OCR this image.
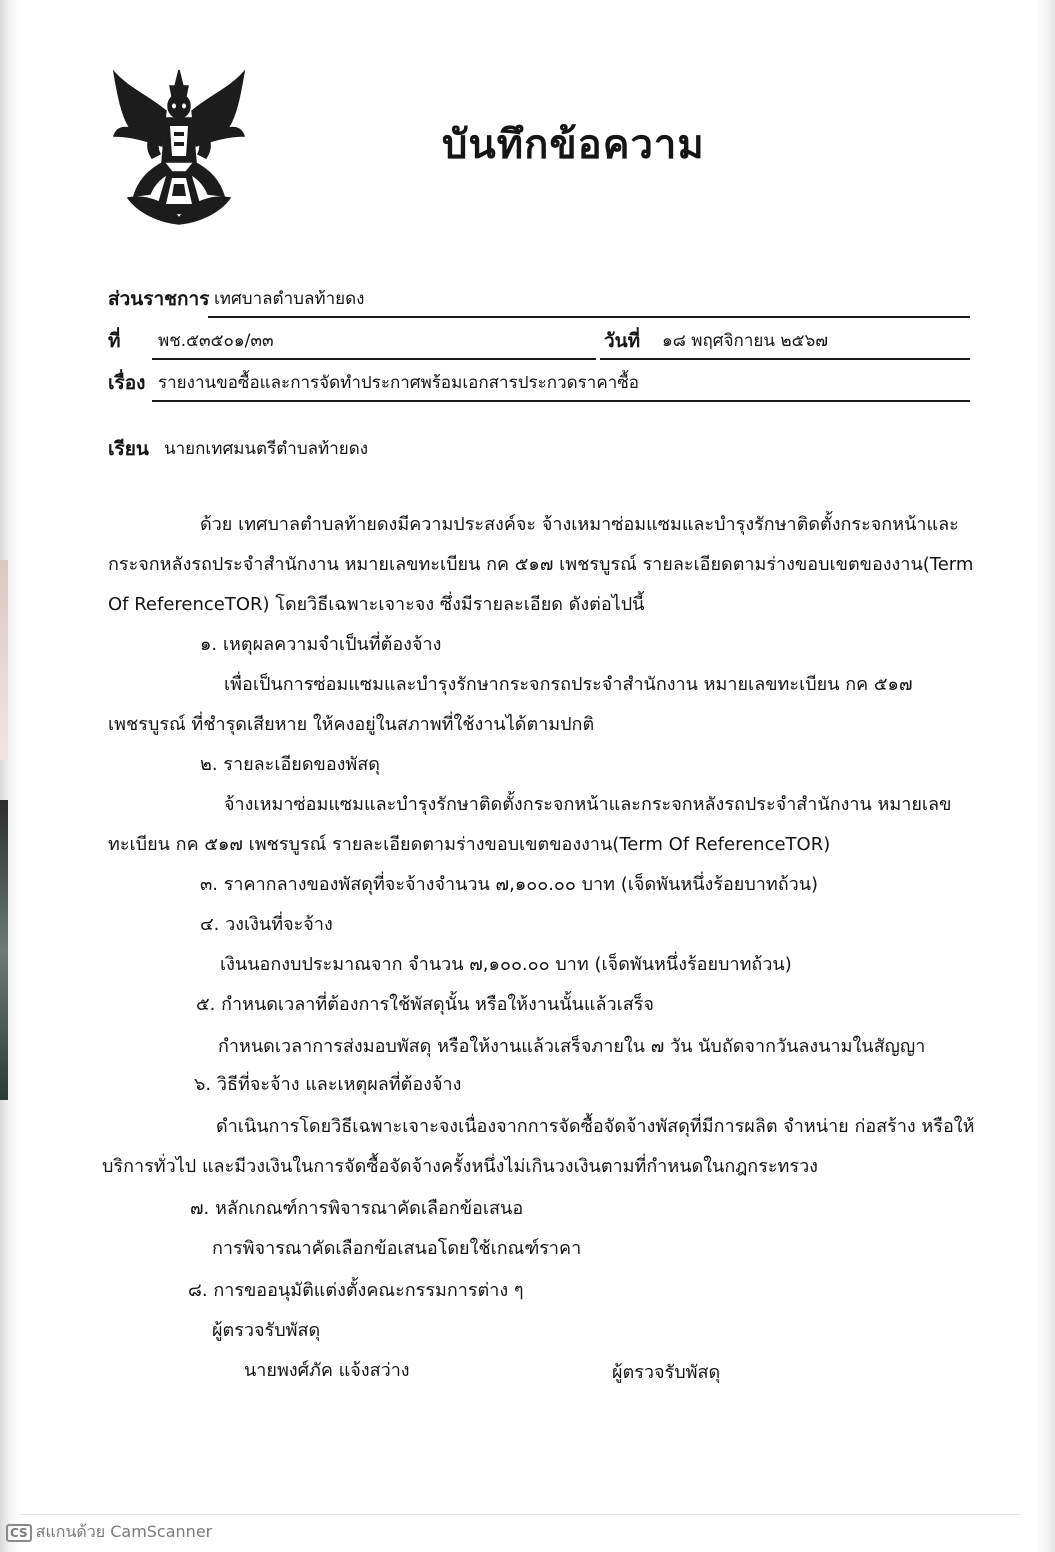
บันทึกข้อความ
ส่วนราชการ เทศบาลตำบลท้ายดง
ที่ พช.๕๓๕๐๑/๓๓	วันที่ ๑๘ พฤศจิกายน ๒๕๖๗
เรื่อง รายงานขอซื้อและการจัดทำประกาศพร้อมเอกสารประกวดราคาซื้อ
เรียน นายกเทศมนตรีตำบลท้ายดง
ด้วย เทศบาลตำบลท้ายดงมีความประสงค์จะ จ้างเหมาซ่อมแซมและบำรุงรักษาติดตั้งกระจกหน้าและ
กระจกหลังรถประจำสำนักงาน หมายเลขทะเบียน กค ๕๑๗ เพชรบูรณ์ รายละเอียดตามร่างขอบเขตของงาน(Term
Of ReferenceTOR) โดยวิธีเฉพาะเจาะจง ซึ่งมีรายละเอียด ดังต่อไปนี้
๑. เหตุผลความจำเป็นที่ต้องจ้าง
เพื่อเป็นการซ่อมแซมและบำรุงรักษากระจกรถประจำสำนักงาน หมายเลขทะเบียน กค ๕๑๗
เพชรบูรณ์ ที่ชำรุดเสียหาย ให้คงอยู่ในสภาพที่ใช้งานได้ตามปกติ
๒. รายละเอียดของพัสดุ
จ้างเหมาซ่อมแซมและบำรุงรักษาติดตั้งกระจกหน้าและกระจกหลังรถประจำสำนักงาน หมายเลข
ทะเบียน กค ๕๑๗ เพชรบูรณ์ รายละเอียดตามร่างขอบเขตของงาน(Term Of ReferenceTOR)
๓. ราคากลางของพัสดุที่จะจ้างจำนวน ๗,๑๐๐.๐๐ บาท (เจ็ดพันหนึ่งร้อยบาทถ้วน)
๔. วงเงินที่จะจ้าง
เงินนอกงบประมาณจาก จำนวน ๗,๑๐๐.๐๐ บาท (เจ็ดพันหนึ่งร้อยบาทถ้วน)
๕. กำหนดเวลาที่ต้องการใช้พัสดุนั้น หรือให้งานนั้นแล้วเสร็จ
กำหนดเวลาการส่งมอบพัสดุ หรือให้งานแล้วเสร็จภายใน ๗ วัน นับถัดจากวันลงนามในสัญญา
๖. วิธีที่จะจ้าง และเหตุผลที่ต้องจ้าง
ดำเนินการโดยวิธีเฉพาะเจาะจงเนื่องจากการจัดซื้อจัดจ้างพัสดุที่มีการผลิต จำหน่าย ก่อสร้าง หรือให้
บริการทั่วไป และมีวงเงินในการจัดซื้อจัดจ้างครั้งหนึ่งไม่เกินวงเงินตามที่กำหนดในกฎกระทรวง
๗. หลักเกณฑ์การพิจารณาคัดเลือกข้อเสนอ
การพิจารณาคัดเลือกข้อเสนอโดยใช้เกณฑ์ราคา
๘. การขออนุมัติแต่งตั้งคณะกรรมการต่าง ๆ
ผู้ตรวจรับพัสดุ
นายพงศ์ภัค แจ้งสว่าง	ผู้ตรวจรับพัสดุ
CS สแกนด้วย CamScanner
